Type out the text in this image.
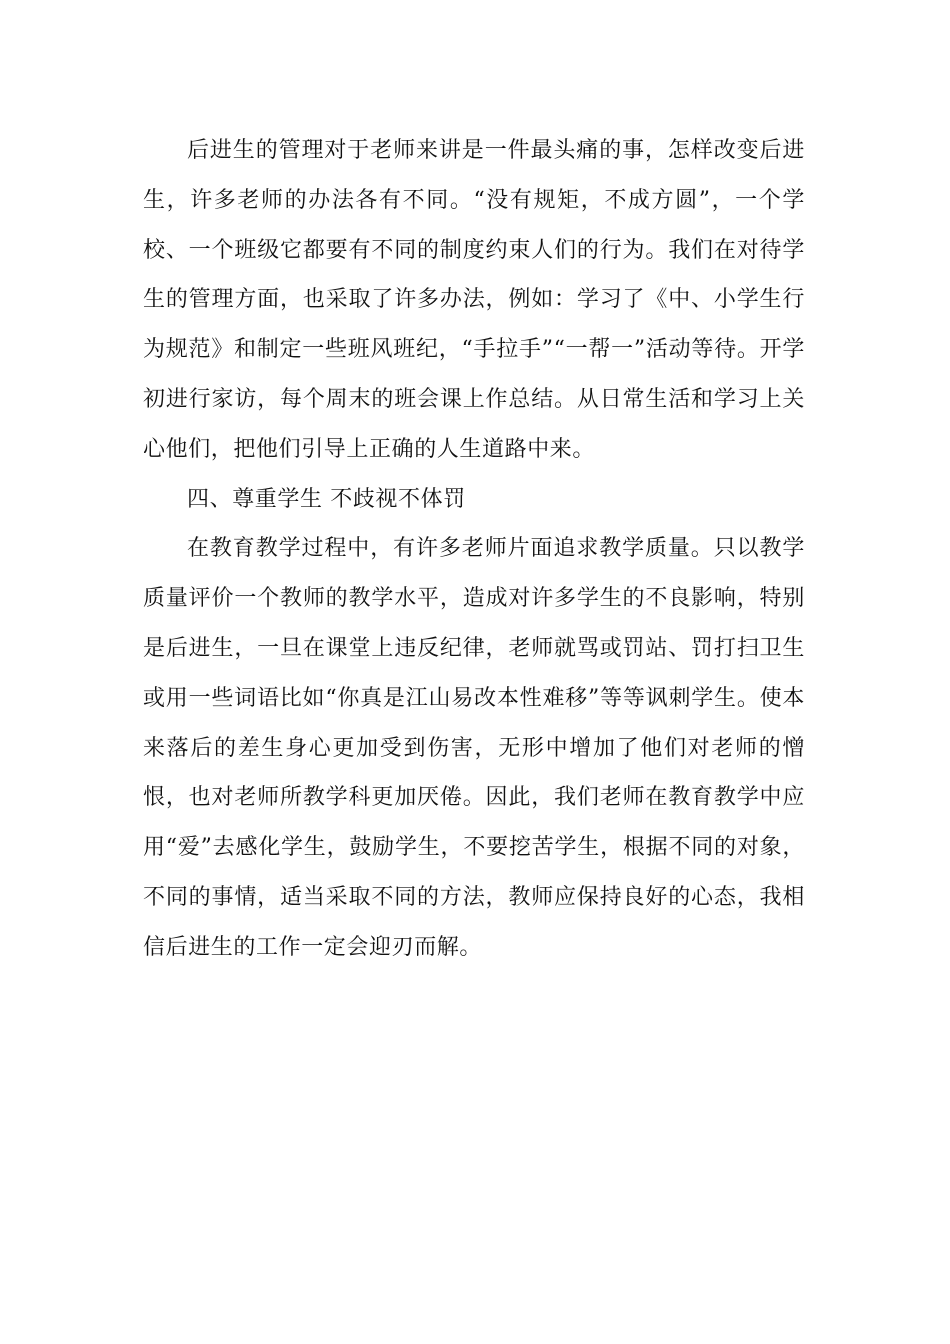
后进生的管理对于老师来讲是一件最头痛的事，怎样改变后进生，许多老师的办法各有不同。“没有规矩，不成方圆”，一个学校、一个班级它都要有不同的制度约束人们的行为。我们在对待学生的管理方面，也采取了许多办法，例如：学习了《中、小学生行为规范》和制定一些班风班纪，“手拉手”“一帮一”活动等待。开学初进行家访，每个周末的班会课上作总结。从日常生活和学习上关心他们，把他们引导上正确的人生道路中来。

四、尊重学生 不歧视不体罚

在教育教学过程中，有许多老师片面追求教学质量。只以教学质量评价一个教师的教学水平，造成对许多学生的不良影响，特别是后进生，一旦在课堂上违反纪律，老师就骂或罚站、罚打扫卫生或用一些词语比如“你真是江山易改本性难移”等等讽刺学生。使本来落后的差生身心更加受到伤害，无形中增加了他们对老师的憎恨，也对老师所教学科更加厌倦。因此，我们老师在教育教学中应用“爱”去感化学生，鼓励学生，不要挖苦学生，根据不同的对象，不同的事情，适当采取不同的方法，教师应保持良好的心态，我相信后进生的工作一定会迎刃而解。
